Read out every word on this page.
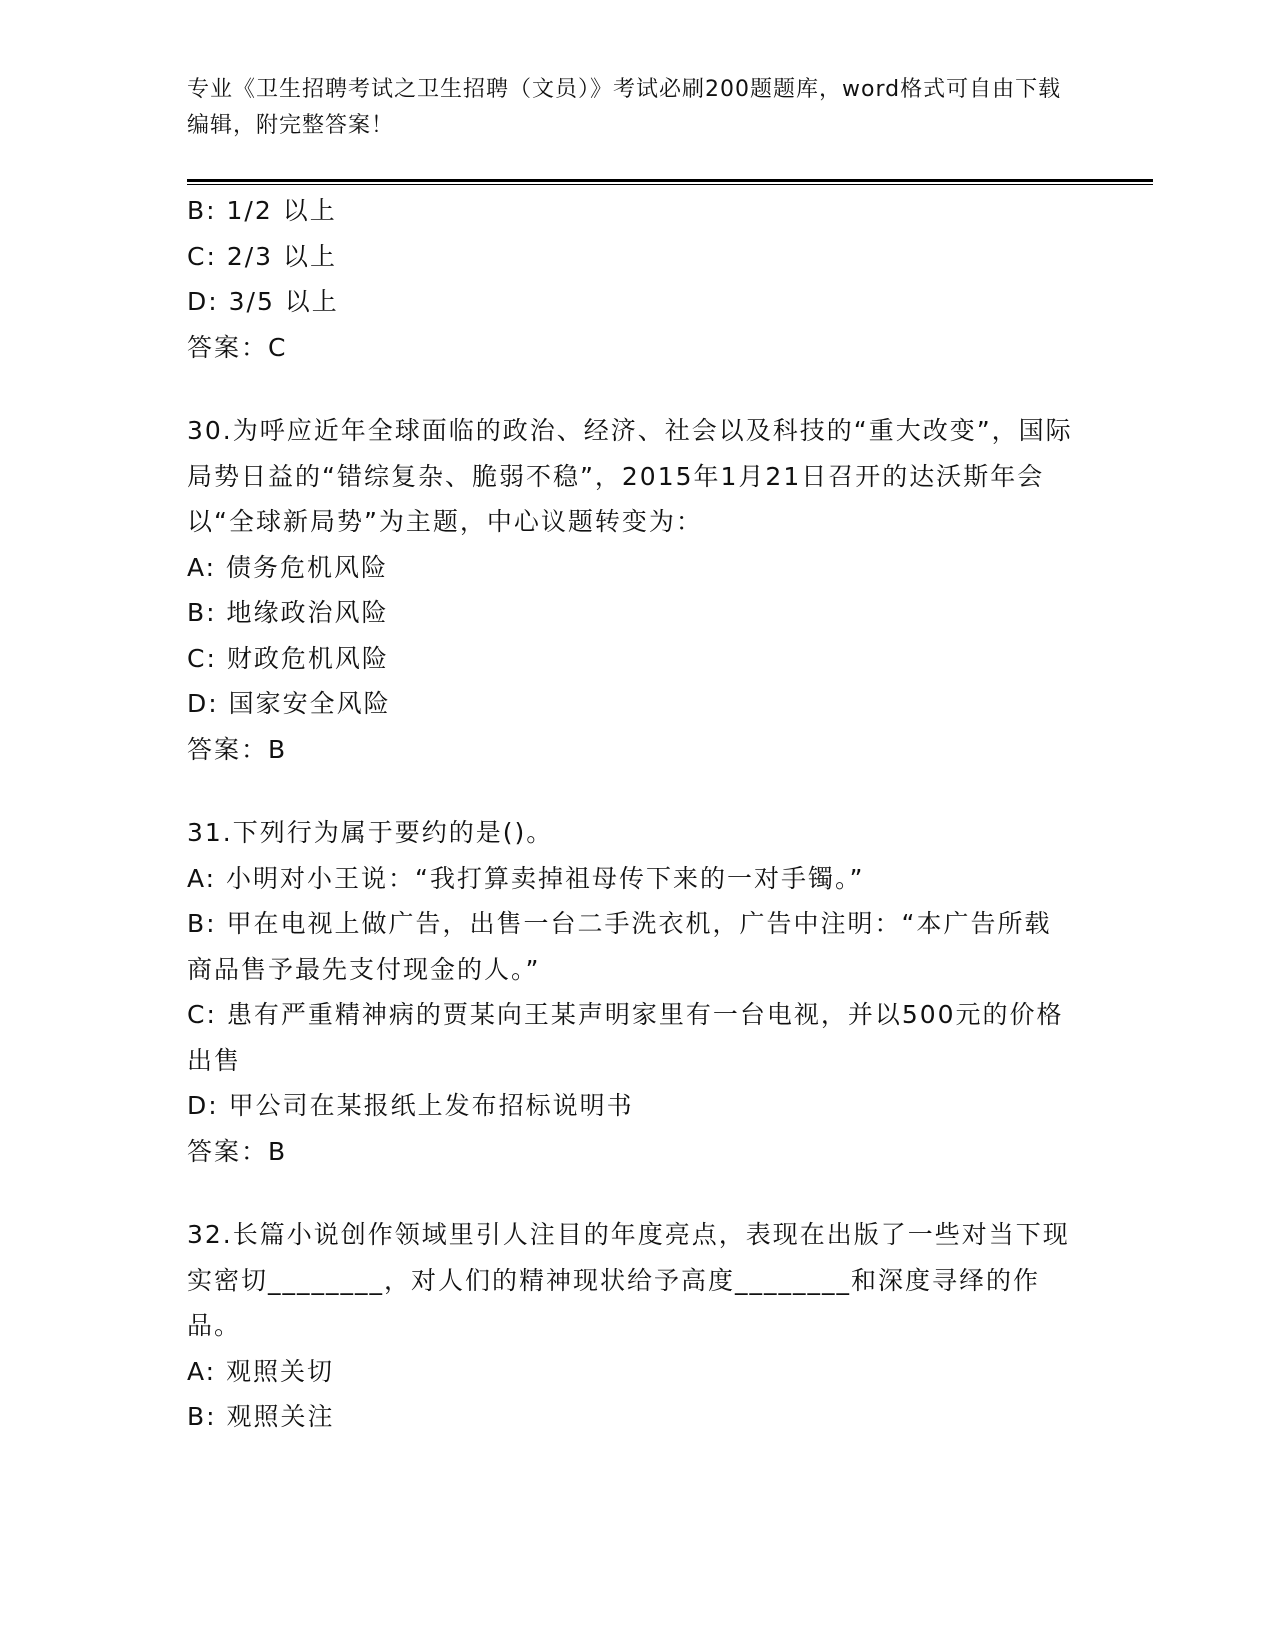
专业《卫生招聘考试之卫生招聘（文员）》考试必刷200题题库，word格式可自由下载编辑，附完整答案！

B: 1/2 以上

C: 2/3 以上

D: 3/5 以上

答案：C

30.为呼应近年全球面临的政治、经济、社会以及科技的“重大改变”，国际局势日益的“错综复杂、脆弱不稳”，2015年1月21日召开的达沃斯年会以“全球新局势”为主题，中心议题转变为：

A: 债务危机风险

B: 地缘政治风险

C: 财政危机风险

D: 国家安全风险

答案：B

31.下列行为属于要约的是()。

A: 小明对小王说：“我打算卖掉祖母传下来的一对手镯。”

B: 甲在电视上做广告，出售一台二手洗衣机，广告中注明：“本广告所载商品售予最先支付现金的人。”

C: 患有严重精神病的贾某向王某声明家里有一台电视，并以500元的价格出售

D: 甲公司在某报纸上发布招标说明书

答案：B

32.长篇小说创作领域里引人注目的年度亮点，表现在出版了一些对当下现实密切________，对人们的精神现状给予高度________和深度寻绎的作品。

A: 观照关切

B: 观照关注
